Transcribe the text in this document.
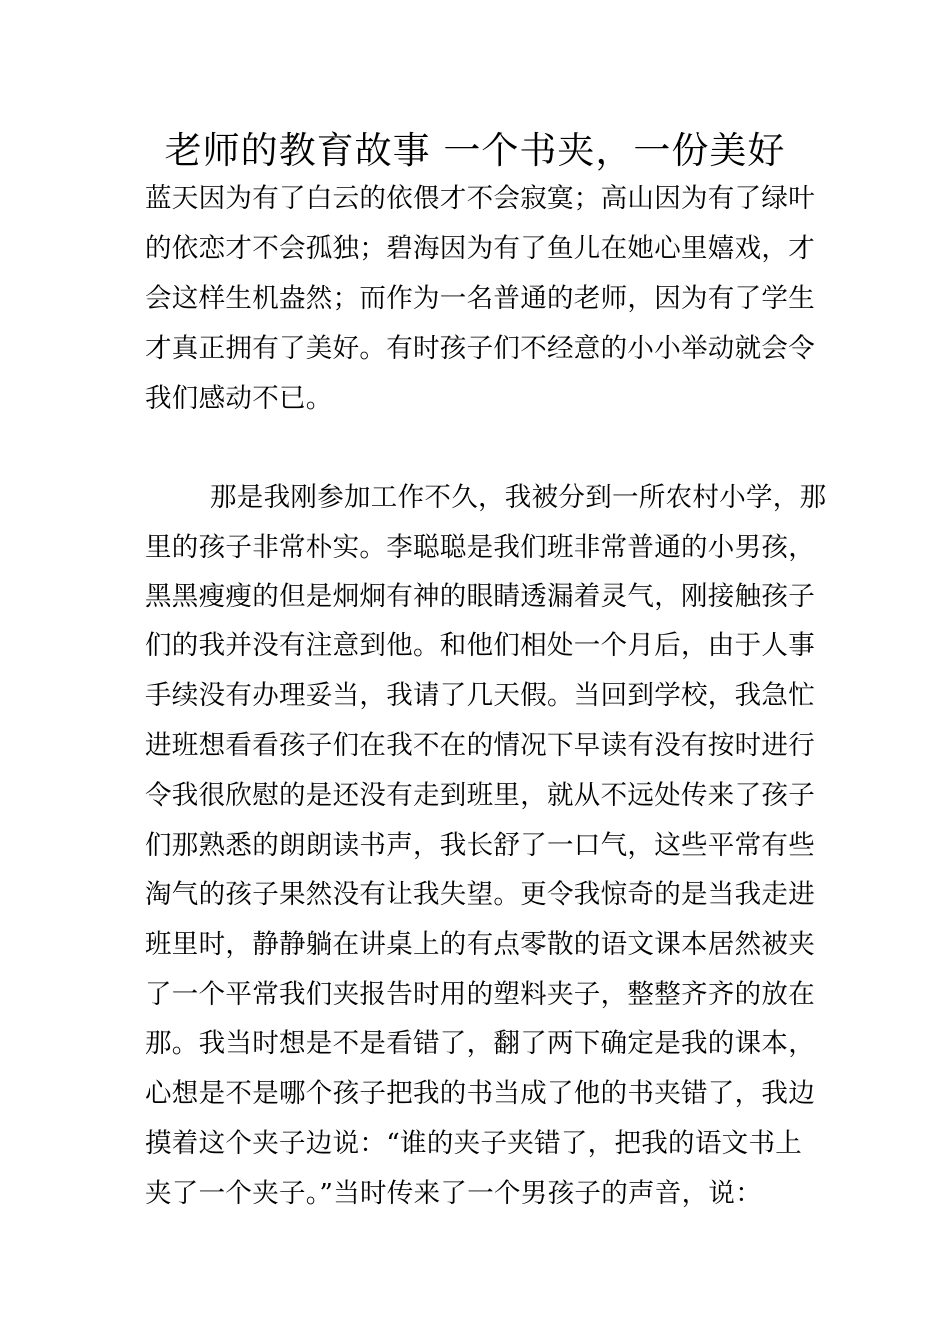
老师的教育故事 一个书夹，一份美好
蓝天因为有了白云的依偎才不会寂寞；高山因为有了绿叶
的依恋才不会孤独；碧海因为有了鱼儿在她心里嬉戏，才
会这样生机盎然；而作为一名普通的老师，因为有了学生
才真正拥有了美好。有时孩子们不经意的小小举动就会令
我们感动不已。
那是我刚参加工作不久，我被分到一所农村小学，那
里的孩子非常朴实。李聪聪是我们班非常普通的小男孩，
黑黑瘦瘦的但是炯炯有神的眼睛透漏着灵气，刚接触孩子
们的我并没有注意到他。和他们相处一个月后，由于人事
手续没有办理妥当，我请了几天假。当回到学校，我急忙
进班想看看孩子们在我不在的情况下早读有没有按时进行
令我很欣慰的是还没有走到班里，就从不远处传来了孩子
们那熟悉的朗朗读书声，我长舒了一口气，这些平常有些
淘气的孩子果然没有让我失望。更令我惊奇的是当我走进
班里时，静静躺在讲桌上的有点零散的语文课本居然被夹
了一个平常我们夹报告时用的塑料夹子，整整齐齐的放在
那。我当时想是不是看错了，翻了两下确定是我的课本，
心想是不是哪个孩子把我的书当成了他的书夹错了，我边
摸着这个夹子边说：“谁的夹子夹错了，把我的语文书上
夹了一个夹子。”当时传来了一个男孩子的声音，说：
